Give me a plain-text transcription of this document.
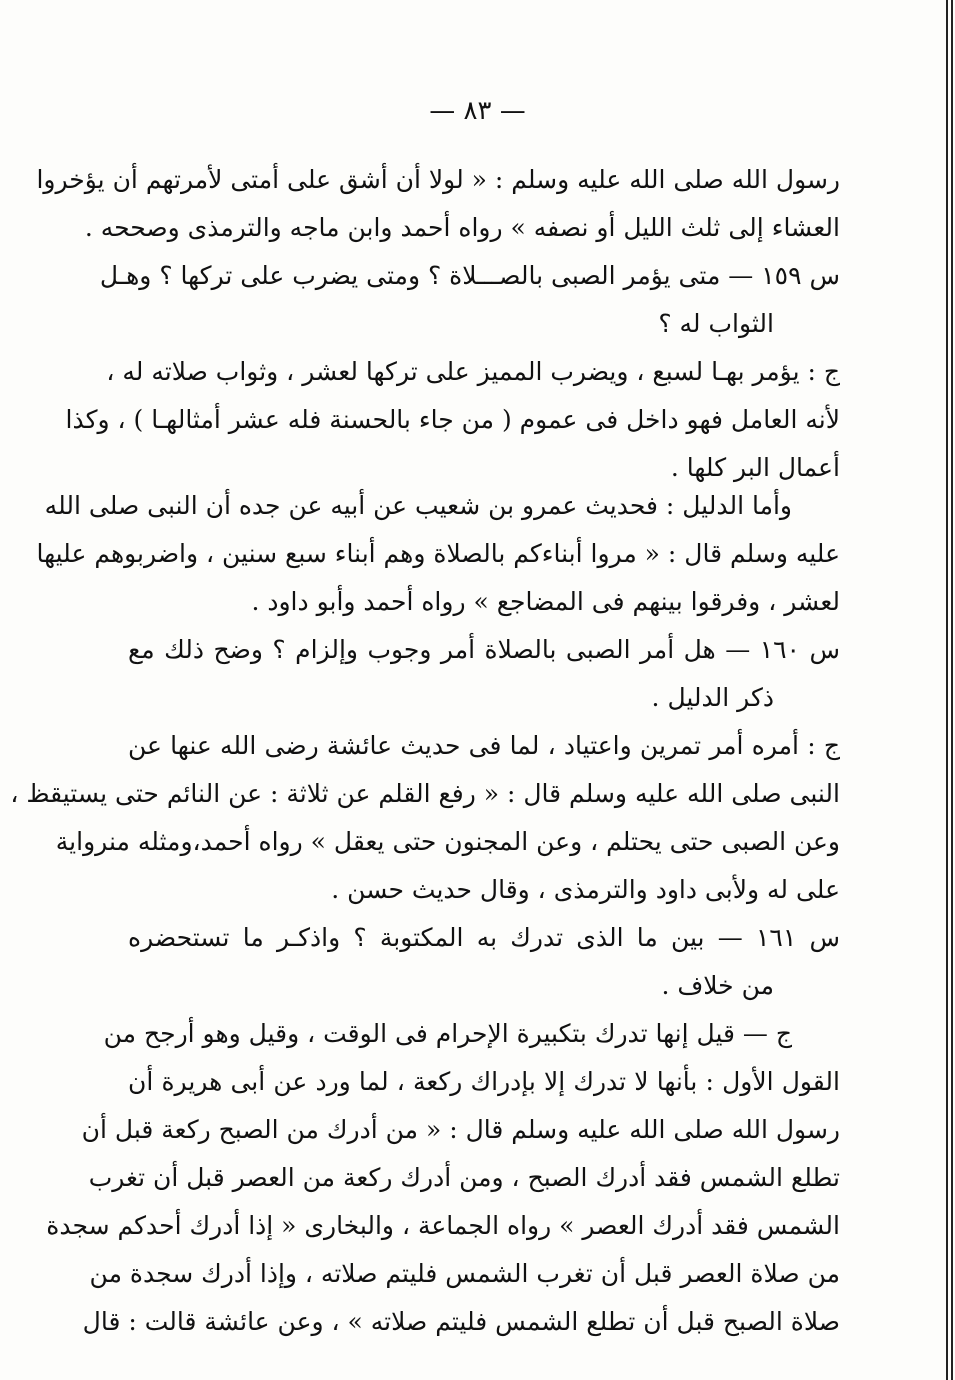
— ٨٣ —
رسول الله صلى الله عليه وسلم : « لولا أن أشق على أمتى لأمرتهم أن يؤخروا
العشاء إلى ثلث الليل أو نصفه » رواه أحمد وابن ماجه والترمذى وصححه .
س ١٥٩ — متى يؤمر الصبى بالصـــلاة ؟ ومتى يضرب على تركها ؟ وهـل
الثواب له ؟
ج : يؤمر بهـا لسبع ، ويضرب المميز على تركها لعشر ، وثواب صلاته له ،
لأنه العامل فهو داخل فى عموم ( من جاء بالحسنة فله عشر أمثالهـا ) ، وكذا
أعمال البر كلها .
وأما الدليل : فحديث عمرو بن شعيب عن أبيه عن جده أن النبى صلى الله
عليه وسلم قال : « مروا أبناءكم بالصلاة وهم أبناء سبع سنين ، واضربوهم عليها
لعشر ، وفرقوا بينهم فى المضاجع » رواه أحمد وأبو داود .
س ١٦٠ — هل أمر الصبى بالصلاة أمر وجوب وإلزام ؟ وضح ذلك مع
ذكر الدليل .
ج : أمره أمر تمرين واعتياد ، لما فى حديث عائشة رضى الله عنها عن
النبى صلى الله عليه وسلم قال : « رفع القلم عن ثلاثة : عن النائم حتى يستيقظ ،
وعن الصبى حتى يحتلم ، وعن المجنون حتى يعقل » رواه أحمد،ومثله منرواية
على له ولأبى داود والترمذى ، وقال حديث حسن .
س ١٦١ — بين ما الذى تدرك به المكتوبة ؟ واذكـر ما تستحضره
من خلاف .
ج — قيل إنها تدرك بتكبيرة الإحرام فى الوقت ، وقيل وهو أرجح من
القول الأول : بأنها لا تدرك إلا بإدراك ركعة ، لما ورد عن أبى هريرة أن
رسول الله صلى الله عليه وسلم قال : « من أدرك من الصبح ركعة قبل أن
تطلع الشمس فقد أدرك الصبح ، ومن أدرك ركعة من العصر قبل أن تغرب
الشمس فقد أدرك العصر » رواه الجماعة ، والبخارى « إذا أدرك أحدكم سجدة
من صلاة العصر قبل أن تغرب الشمس فليتم صلاته ، وإذا أدرك سجدة من
صلاة الصبح قبل أن تطلع الشمس فليتم صلاته » ، وعن عائشة قالت : قال
